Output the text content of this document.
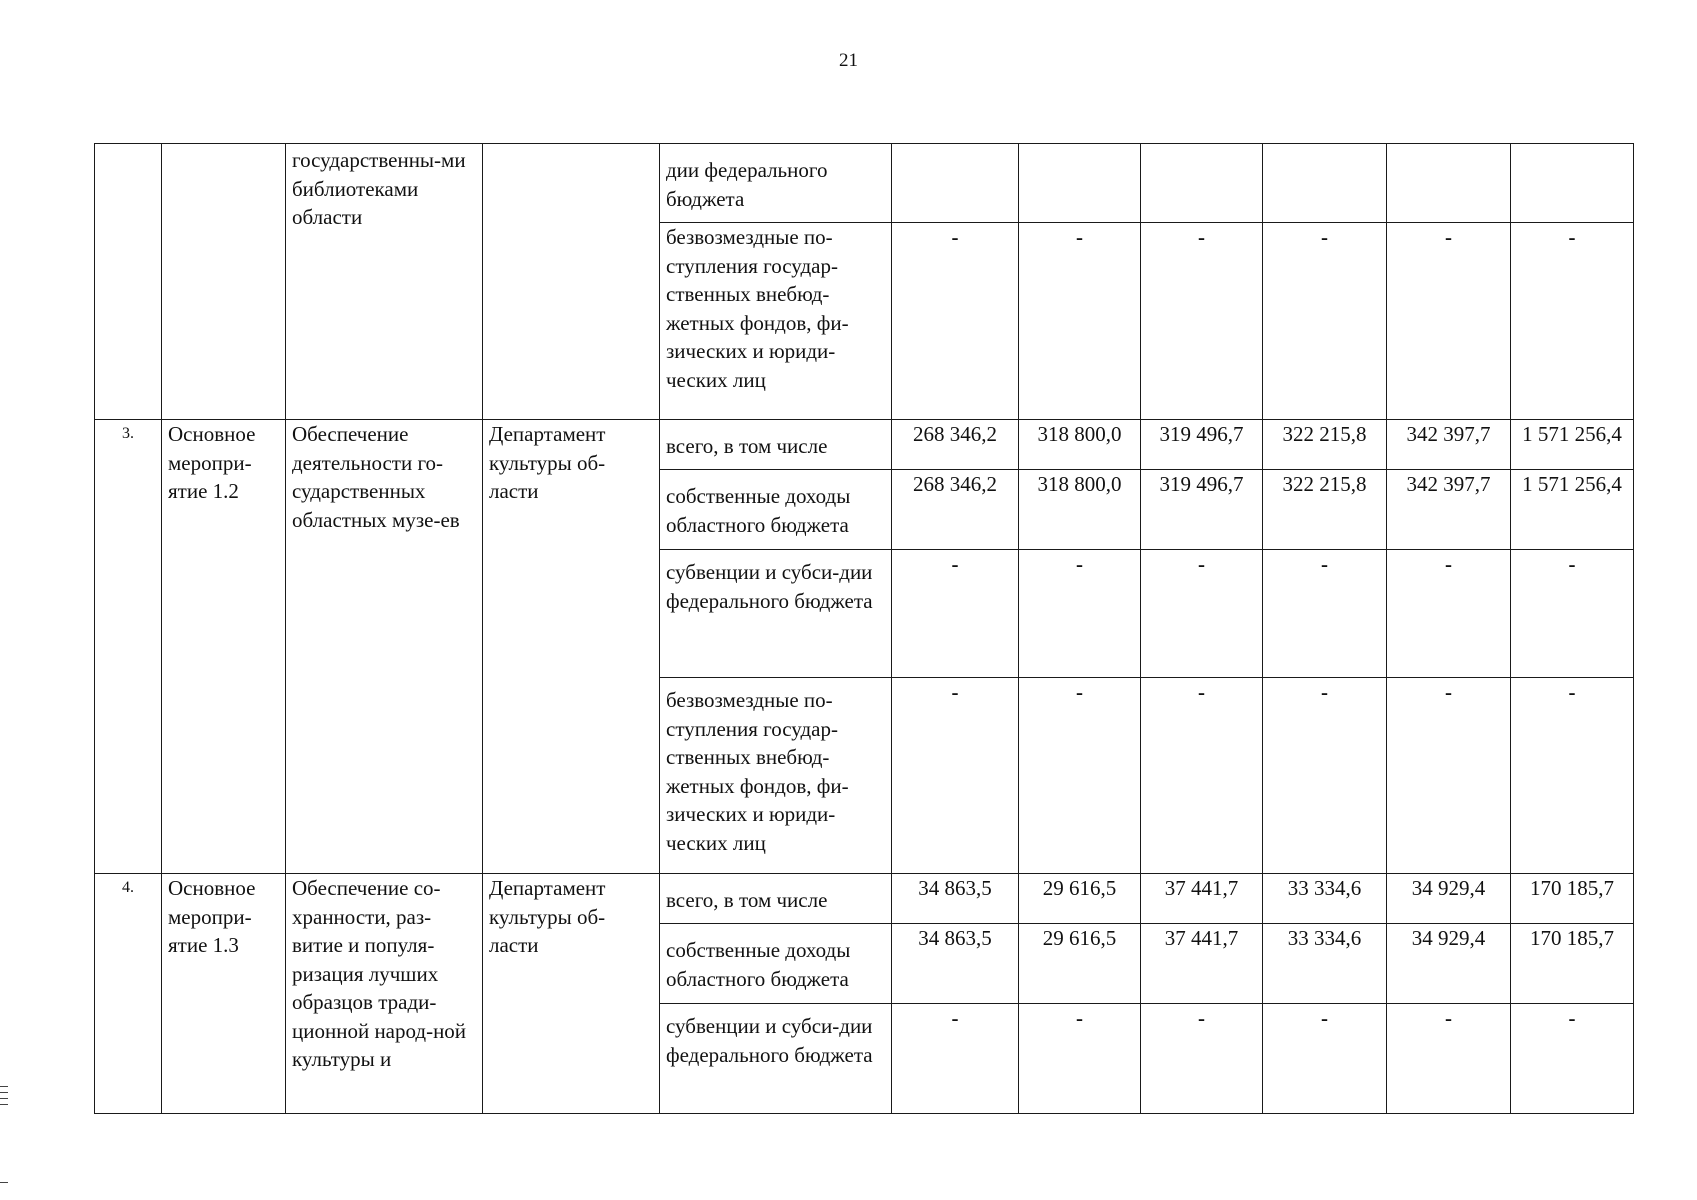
21
		государственны-ми библиотеками области		дии федерального бюджета						
				безвозмездные по-ступления государ-ственных внебюд-жетных фондов, фи-зических и юриди-ческих лиц	-	-	-	-	-	-
3.	Основное меропри-ятие 1.2	Обеспечение деятельности го-сударственных областных музе-ев	Департамент культуры об-ласти	всего, в том числе	268 346,2	318 800,0	319 496,7	322 215,8	342 397,7	1 571 256,4
				собственные доходы областного бюджета	268 346,2	318 800,0	319 496,7	322 215,8	342 397,7	1 571 256,4
				субвенции и субси-дии федерального бюджета	-	-	-	-	-	-
				безвозмездные по-ступления государ-ственных внебюд-жетных фондов, фи-зических и юриди-ческих лиц	-	-	-	-	-	-
4.	Основное меропри-ятие 1.3	Обеспечение со-хранности, раз-витие и популя-ризация лучших образцов тради-ционной народ-ной культуры и	Департамент культуры об-ласти	всего, в том числе	34 863,5	29 616,5	37 441,7	33 334,6	34 929,4	170 185,7
				собственные доходы областного бюджета	34 863,5	29 616,5	37 441,7	33 334,6	34 929,4	170 185,7
				субвенции и субси-дии федерального бюджета	-	-	-	-	-	-
